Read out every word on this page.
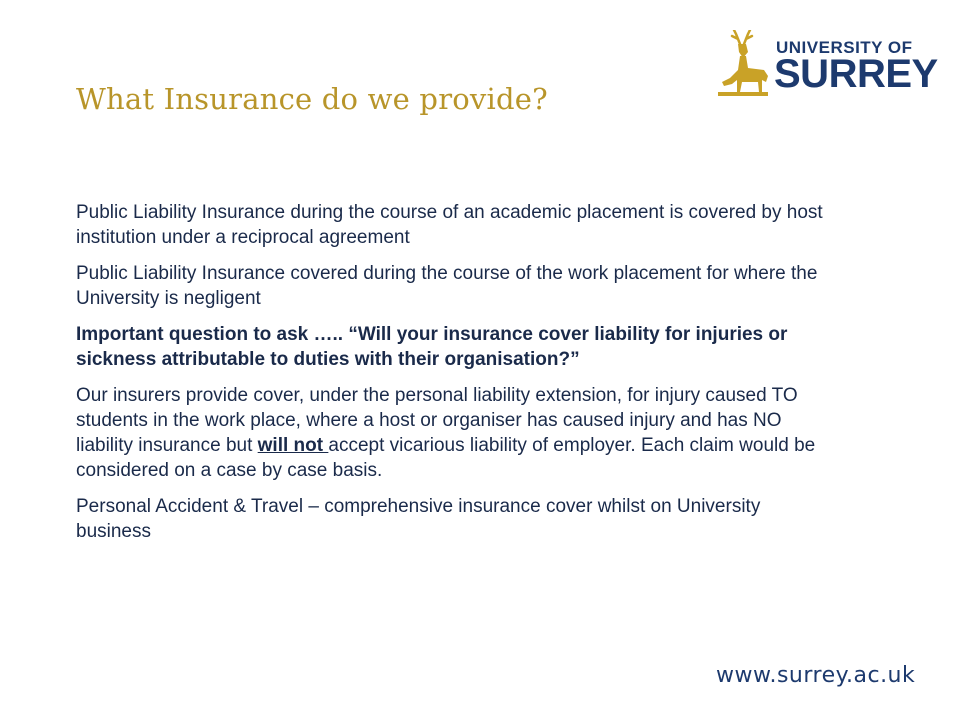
What Insurance do we provide?
UNIVERSITY OF
SURREY

Public Liability Insurance during the course of an academic placement is covered by host institution under a reciprocal agreement

Public Liability Insurance covered during the course of the work placement for where the University is negligent

Important question to ask ….. “Will your insurance cover liability for injuries or sickness attributable to duties with their organisation?”

Our insurers provide cover, under the personal liability extension, for injury caused TO students in the work place, where a host or organiser has caused injury and has NO liability insurance but will not accept vicarious liability of employer. Each claim would be considered on a case by case basis.

Personal Accident & Travel – comprehensive insurance cover whilst on University business

www.surrey.ac.uk
